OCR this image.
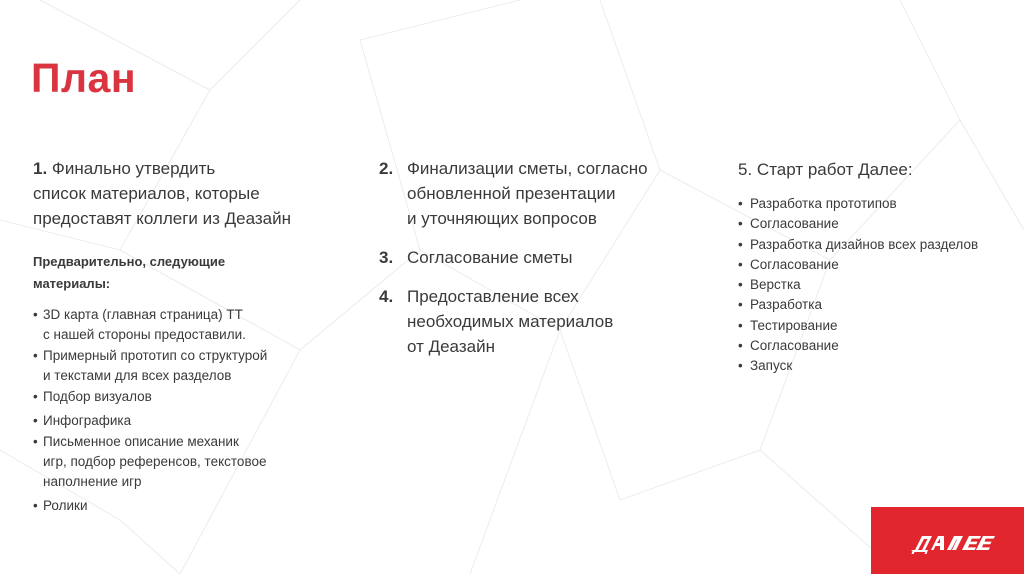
План
1. Финально утвердить
список материалов, которые
предоставят коллеги из Деазайн
Предварительно, следующие
материалы:
• 3D карта (главная страница) ТТ
с нашей стороны предоставили.
• Примерный прототип со структурой
и текстами для всех разделов
• Подбор визуалов
• Инфографика
• Письменное описание механик
игр, подбор референсов, текстовое
наполнение игр
• Ролики
2. Финализации сметы, согласно
обновленной презентации
и уточняющих вопросов
3. Согласование сметы
4. Предоставление всех
необходимых материалов
от Деазайн
5. Старт работ Далее:
• Разработка прототипов
• Согласование
• Разработка дизайнов всех разделов
• Согласование
• Верстка
• Разработка
• Тестирование
• Согласование
• Запуск
